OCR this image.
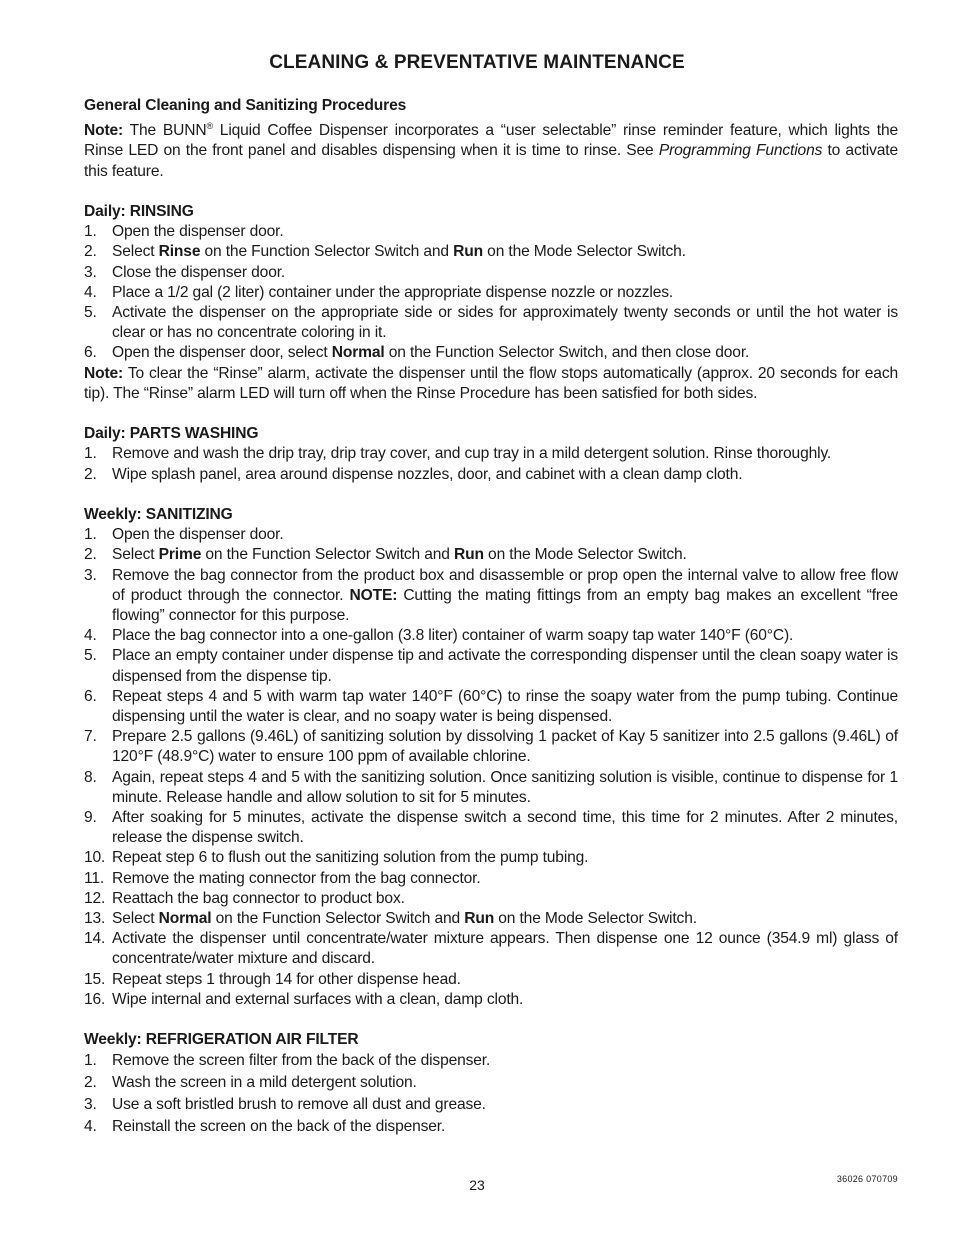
CLEANING & PREVENTATIVE MAINTENANCE
General Cleaning and Sanitizing Procedures

Note: The BUNN® Liquid Coffee Dispenser incorporates a “user selectable” rinse reminder feature, which lights the Rinse LED on the front panel and disables dispensing when it is time to rinse. See Programming Functions to activate this feature.

Daily: RINSING
1. Open the dispenser door.
2. Select Rinse on the Function Selector Switch and Run on the Mode Selector Switch.
3. Close the dispenser door.
4. Place a 1/2 gal (2 liter) container under the appropriate dispense nozzle or nozzles.
5. Activate the dispenser on the appropriate side or sides for approximately twenty seconds or until the hot water is clear or has no concentrate coloring in it.
6. Open the dispenser door, select Normal on the Function Selector Switch, and then close door.

Note: To clear the “Rinse” alarm, activate the dispenser until the flow stops automatically (approx. 20 seconds for each tip). The “Rinse” alarm LED will turn off when the Rinse Procedure has been satisfied for both sides.

Daily: PARTS WASHING
1. Remove and wash the drip tray, drip tray cover, and cup tray in a mild detergent solution. Rinse thoroughly.
2. Wipe splash panel, area around dispense nozzles, door, and cabinet with a clean damp cloth.
Weekly: SANITIZING
1. Open the dispenser door.
2. Select Prime on the Function Selector Switch and Run on the Mode Selector Switch.
3. Remove the bag connector from the product box and disassemble or prop open the internal valve to allow free flow of product through the connector. NOTE: Cutting the mating fittings from an empty bag makes an excellent “free flowing” connector for this purpose.
4. Place the bag connector into a one-gallon (3.8 liter) container of warm soapy tap water 140°F (60°C).
5. Place an empty container under dispense tip and activate the corresponding dispenser until the clean soapy water is dispensed from the dispense tip.
6. Repeat steps 4 and 5 with warm tap water 140°F (60°C) to rinse the soapy water from the pump tubing. Continue dispensing until the water is clear, and no soapy water is being dispensed.
7. Prepare 2.5 gallons (9.46L) of sanitizing solution by dissolving 1 packet of Kay 5 sanitizer into 2.5 gallons (9.46L) of 120°F (48.9°C) water to ensure 100 ppm of available chlorine.
8. Again, repeat steps 4 and 5 with the sanitizing solution. Once sanitizing solution is visible, continue to dispense for 1 minute. Release handle and allow solution to sit for 5 minutes.
9. After soaking for 5 minutes, activate the dispense switch a second time, this time for 2 minutes. After 2 minutes, release the dispense switch.
10. Repeat step 6 to flush out the sanitizing solution from the pump tubing.
11. Remove the mating connector from the bag connector.
12. Reattach the bag connector to product box.
13. Select Normal on the Function Selector Switch and Run on the Mode Selector Switch.
14. Activate the dispenser until concentrate/water mixture appears. Then dispense one 12 ounce (354.9 ml) glass of concentrate/water mixture and discard.
15. Repeat steps 1 through 14 for other dispense head.
16. Wipe internal and external surfaces with a clean, damp cloth.
Weekly: REFRIGERATION AIR FILTER
1. Remove the screen filter from the back of the dispenser.
2. Wash the screen in a mild detergent solution.
3. Use a soft bristled brush to remove all dust and grease.
4. Reinstall the screen on the back of the dispenser.
23	36026 070709
